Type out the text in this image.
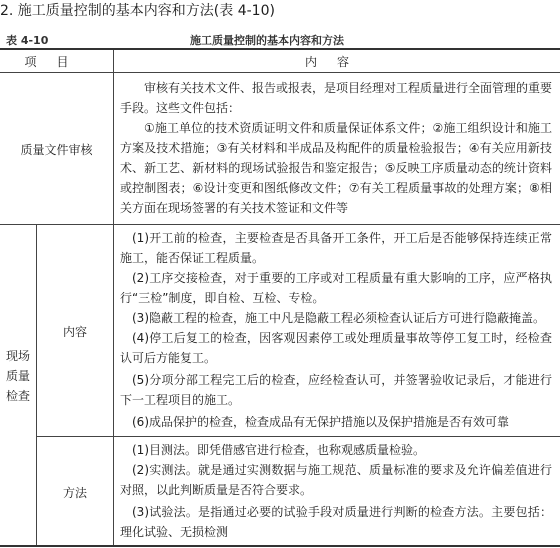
2. 施工质量控制的基本内容和方法(表 4-10)
表 4-10	施工质量控制的基本内容和方法
项目	内容
质量文件审核

审核有关技术文件、报告或报表，是项目经理对工程质量进行全面管理的重要手段。这些文件包括：

①施工单位的技术资质证明文件和质量保证体系文件；②施工组织设计和施工方案及技术措施；③有关材料和半成品及构配件的质量检验报告；④有关应用新技术、新工艺、新材料的现场试验报告和鉴定报告；⑤反映工序质量动态的统计资料或控制图表；⑥设计变更和图纸修改文件；⑦有关工程质量事故的处理方案；⑧相关方面在现场签署的有关技术签证和文件等

现场质量检查
内容
方法

(1)开工前的检查，主要检查是否具备开工条件，开工后是否能够保持连续正常施工，能否保证工程质量。

(2)工序交接检查，对于重要的工序或对工程质量有重大影响的工序，应严格执行“三检”制度，即自检、互检、专检。

(3)隐蔽工程的检查，施工中凡是隐蔽工程必须检查认证后方可进行隐蔽掩盖。

(4)停工后复工的检查，因客观因素停工或处理质量事故等停工复工时，经检查认可后方能复工。

(5)分项分部工程完工后的检查，应经检查认可，并签署验收记录后，才能进行下一工程项目的施工。

(6)成品保护的检查，检查成品有无保护措施以及保护措施是否有效可靠

(1)目测法。即凭借感官进行检查，也称观感质量检验。

(2)实测法。就是通过实测数据与施工规范、质量标准的要求及允许偏差值进行对照，以此判断质量是否符合要求。

(3)试验法。是指通过必要的试验手段对质量进行判断的检查方法。主要包括：理化试验、无损检测
